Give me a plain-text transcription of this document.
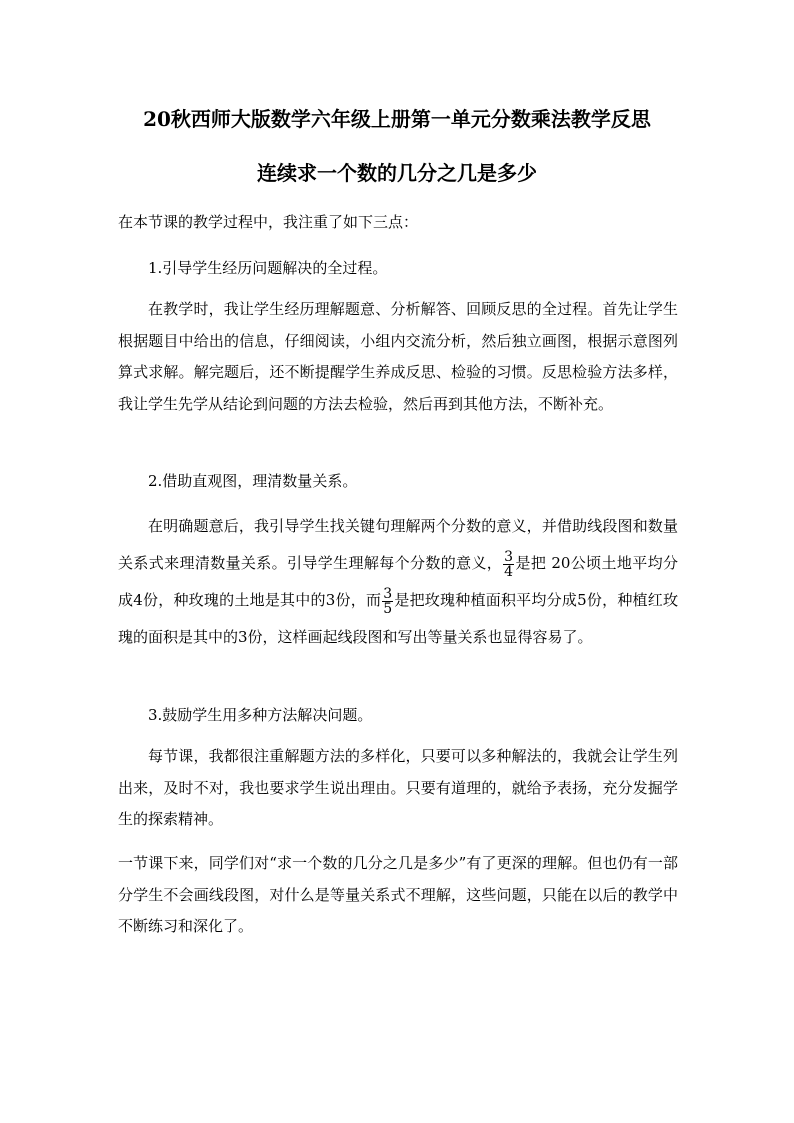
20秋西师大版数学六年级上册第一单元分数乘法教学反思
连续求一个数的几分之几是多少
在本节课的教学过程中，我注重了如下三点：
1.引导学生经历问题解决的全过程。
在教学时，我让学生经历理解题意、分析解答、回顾反思的全过程。首先让学生根据题目中给出的信息，仔细阅读，小组内交流分析，然后独立画图，根据示意图列算式求解。解完题后，还不断提醒学生养成反思、检验的习惯。反思检验方法多样，我让学生先学从结论到问题的方法去检验，然后再到其他方法，不断补充。
2.借助直观图，理清数量关系。
在明确题意后，我引导学生找关键句理解两个分数的意义，并借助线段图和数量关系式来理清数量关系。引导学生理解每个分数的意义， $\frac{3}{4}$ 是把 20公顷土地平均分成4份，种玫瑰的土地是其中的3份，而 $\frac{3}{5}$ 是把玫瑰种植面积平均分成5份，种植红玫瑰的面积是其中的3份，这样画起线段图和写出等量关系也显得容易了。
3.鼓励学生用多种方法解决问题。
每节课，我都很注重解题方法的多样化，只要可以多种解法的，我就会让学生列出来，及时不对，我也要求学生说出理由。只要有道理的，就给予表扬，充分发掘学生的探索精神。
一节课下来，同学们对“求一个数的几分之几是多少”有了更深的理解。但也仍有一部分学生不会画线段图，对什么是等量关系式不理解，这些问题，只能在以后的教学中不断练习和深化了。
